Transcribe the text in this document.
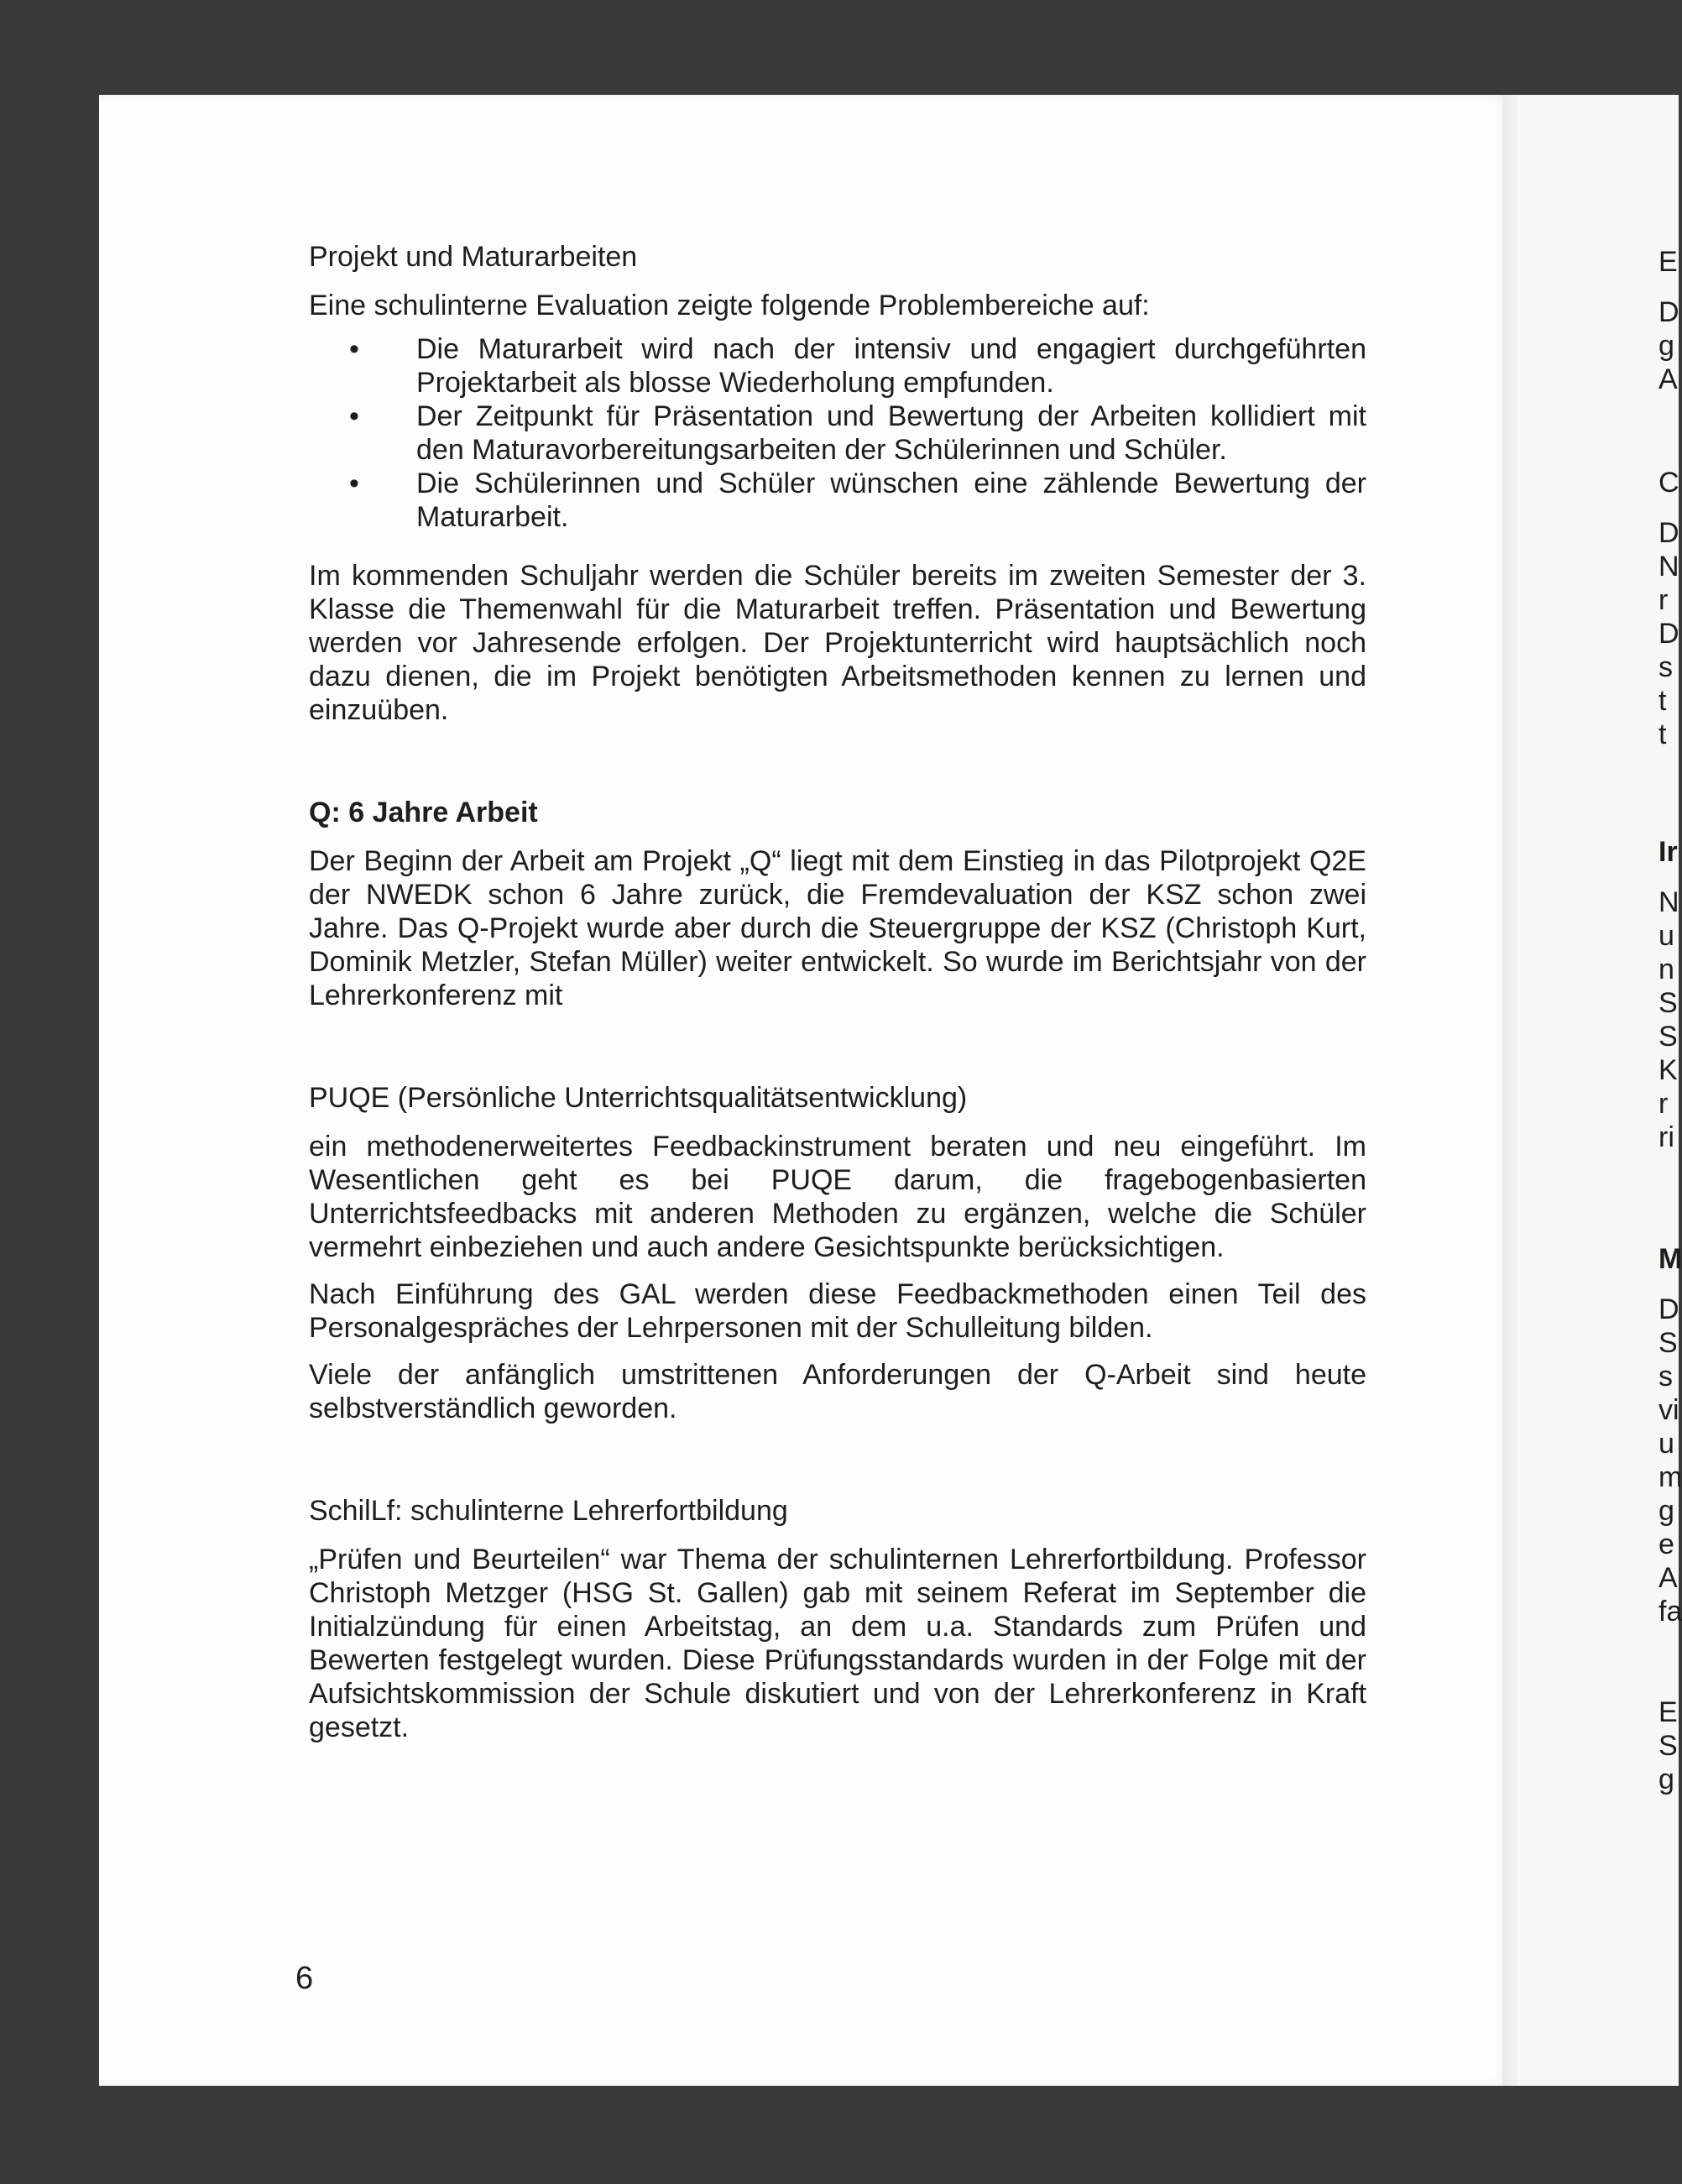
Projekt und Maturarbeiten

Eine schulinterne Evaluation zeigte folgende Problembereiche auf:

• Die Maturarbeit wird nach der intensiv und engagiert durchgeführten Projektarbeit als blosse Wiederholung empfunden.
• Der Zeitpunkt für Präsentation und Bewertung der Arbeiten kollidiert mit den Maturavorbereitungsarbeiten der Schülerinnen und Schüler.
• Die Schülerinnen und Schüler wünschen eine zählende Bewertung der Maturarbeit.

Im kommenden Schuljahr werden die Schüler bereits im zweiten Semester der 3. Klasse die Themenwahl für die Maturarbeit treffen. Präsentation und Bewertung werden vor Jahresende erfolgen. Der Projektunterricht wird hauptsächlich noch dazu dienen, die im Projekt benötigten Arbeitsmethoden kennen zu lernen und einzuüben.

Q: 6 Jahre Arbeit

Der Beginn der Arbeit am Projekt „Q“ liegt mit dem Einstieg in das Pilotprojekt Q2E der NWEDK schon 6 Jahre zurück, die Fremdevaluation der KSZ schon zwei Jahre. Das Q-Projekt wurde aber durch die Steuergruppe der KSZ (Christoph Kurt, Dominik Metzler, Stefan Müller) weiter entwickelt. So wurde im Berichtsjahr von der Lehrerkonferenz mit

PUQE (Persönliche Unterrichtsqualitätsentwicklung)

ein methodenerweitertes Feedbackinstrument beraten und neu eingeführt. Im Wesentlichen geht es bei PUQE darum, die fragebogenbasierten Unterrichtsfeedbacks mit anderen Methoden zu ergänzen, welche die Schüler vermehrt einbeziehen und auch andere Gesichtspunkte berücksichtigen.

Nach Einführung des GAL werden diese Feedbackmethoden einen Teil des Personalgespräches der Lehrpersonen mit der Schulleitung bilden.

Viele der anfänglich umstrittenen Anforderungen der Q-Arbeit sind heute selbstverständlich geworden.

SchilLf: schulinterne Lehrerfortbildung

„Prüfen und Beurteilen“ war Thema der schulinternen Lehrerfortbildung. Professor Christoph Metzger (HSG St. Gallen) gab mit seinem Referat im September die Initialzündung für einen Arbeitstag, an dem u.a. Standards zum Prüfen und Bewerten festgelegt wurden. Diese Prüfungsstandards wurden in der Folge mit der Aufsichtskommission der Schule diskutiert und von der Lehrerkonferenz in Kraft gesetzt.

6
E
D
g
A
C
D
N
r
D
s
t
t
Ir
N
u
n
S
S
K
r
ri
M
D
S
s
vi
u
m
g
e
A
fa
E
S
g
